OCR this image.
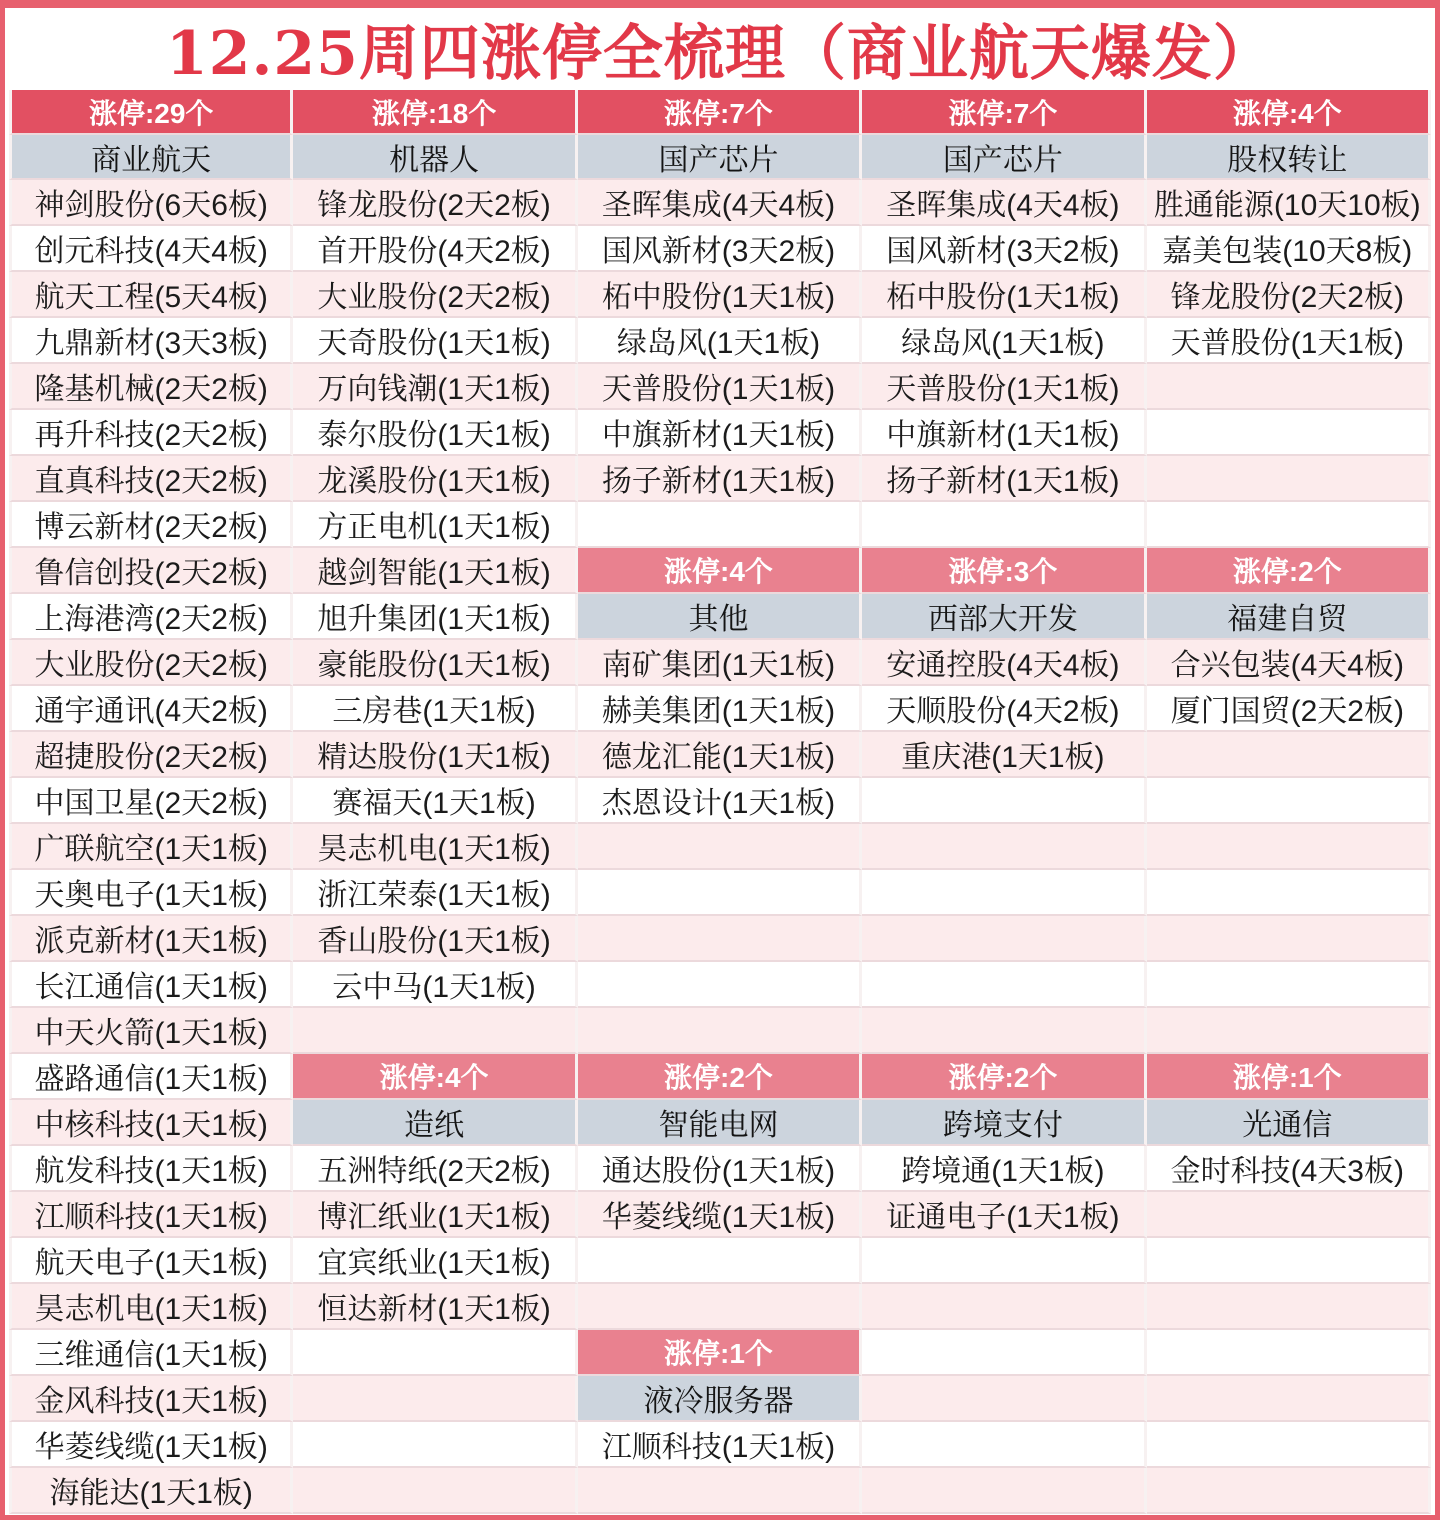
12.25周四涨停全梳理（商业航天爆发）
涨停:29个
商业航天
神剑股份(6天6板)
创元科技(4天4板)
航天工程(5天4板)
九鼎新材(3天3板)
隆基机械(2天2板)
再升科技(2天2板)
直真科技(2天2板)
博云新材(2天2板)
鲁信创投(2天2板)
上海港湾(2天2板)
大业股份(2天2板)
通宇通讯(4天2板)
超捷股份(2天2板)
中国卫星(2天2板)
广联航空(1天1板)
天奥电子(1天1板)
派克新材(1天1板)
长江通信(1天1板)
中天火箭(1天1板)
盛路通信(1天1板)
中核科技(1天1板)
航发科技(1天1板)
江顺科技(1天1板)
航天电子(1天1板)
昊志机电(1天1板)
三维通信(1天1板)
金风科技(1天1板)
华菱线缆(1天1板)
海能达(1天1板)
涨停:18个
机器人
锋龙股份(2天2板)
首开股份(4天2板)
大业股份(2天2板)
天奇股份(1天1板)
万向钱潮(1天1板)
泰尔股份(1天1板)
龙溪股份(1天1板)
方正电机(1天1板)
越剑智能(1天1板)
旭升集团(1天1板)
豪能股份(1天1板)
三房巷(1天1板)
精达股份(1天1板)
赛福天(1天1板)
昊志机电(1天1板)
浙江荣泰(1天1板)
香山股份(1天1板)
云中马(1天1板)
涨停:4个
造纸
五洲特纸(2天2板)
博汇纸业(1天1板)
宜宾纸业(1天1板)
恒达新材(1天1板)
涨停:7个
国产芯片
圣晖集成(4天4板)
国风新材(3天2板)
柘中股份(1天1板)
绿岛风(1天1板)
天普股份(1天1板)
中旗新材(1天1板)
扬子新材(1天1板)
涨停:4个
其他
南矿集团(1天1板)
赫美集团(1天1板)
德龙汇能(1天1板)
杰恩设计(1天1板)
涨停:2个
智能电网
通达股份(1天1板)
华菱线缆(1天1板)
涨停:1个
液冷服务器
江顺科技(1天1板)
涨停:7个
国产芯片
圣晖集成(4天4板)
国风新材(3天2板)
柘中股份(1天1板)
绿岛风(1天1板)
天普股份(1天1板)
中旗新材(1天1板)
扬子新材(1天1板)
涨停:3个
西部大开发
安通控股(4天4板)
天顺股份(4天2板)
重庆港(1天1板)
涨停:2个
跨境支付
跨境通(1天1板)
证通电子(1天1板)
涨停:4个
股权转让
胜通能源(10天10板)
嘉美包装(10天8板)
锋龙股份(2天2板)
天普股份(1天1板)
涨停:2个
福建自贸
合兴包装(4天4板)
厦门国贸(2天2板)
涨停:1个
光通信
金时科技(4天3板)
